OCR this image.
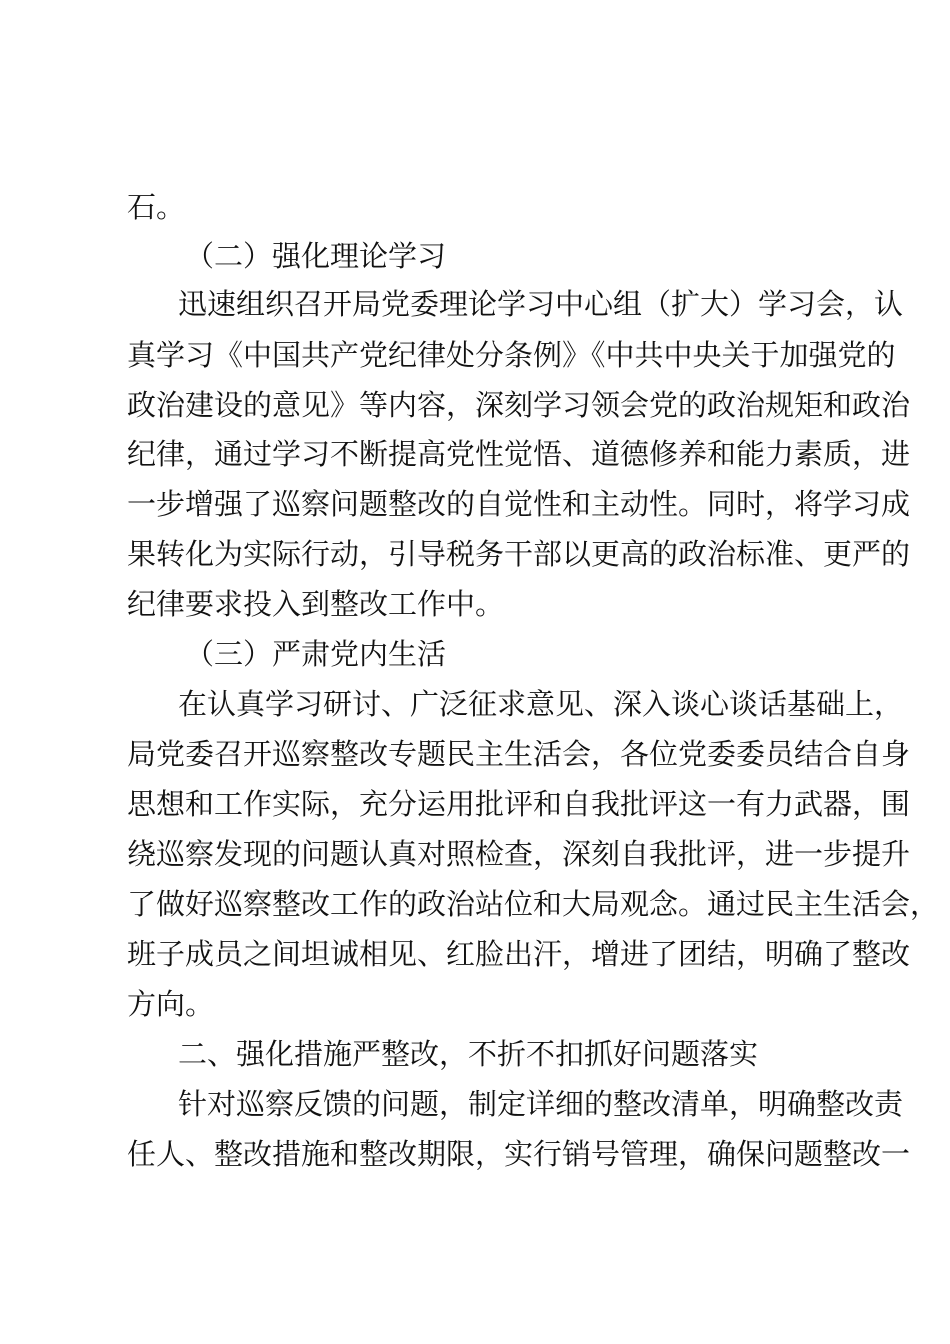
石。
（二）强化理论学习
迅速组织召开局党委理论学习中心组（扩大）学习会，认
真学习《中国共产党纪律处分条例》《中共中央关于加强党的
政治建设的意见》等内容，深刻学习领会党的政治规矩和政治
纪律，通过学习不断提高党性觉悟、道德修养和能力素质，进
一步增强了巡察问题整改的自觉性和主动性。同时，将学习成
果转化为实际行动，引导税务干部以更高的政治标准、更严的
纪律要求投入到整改工作中。
（三）严肃党内生活
在认真学习研讨、广泛征求意见、深入谈心谈话基础上，
局党委召开巡察整改专题民主生活会，各位党委委员结合自身
思想和工作实际，充分运用批评和自我批评这一有力武器，围
绕巡察发现的问题认真对照检查，深刻自我批评，进一步提升
了做好巡察整改工作的政治站位和大局观念。通过民主生活会，
班子成员之间坦诚相见、红脸出汗，增进了团结，明确了整改
方向。
二、强化措施严整改，不折不扣抓好问题落实
针对巡察反馈的问题，制定详细的整改清单，明确整改责
任人、整改措施和整改期限，实行销号管理，确保问题整改一
